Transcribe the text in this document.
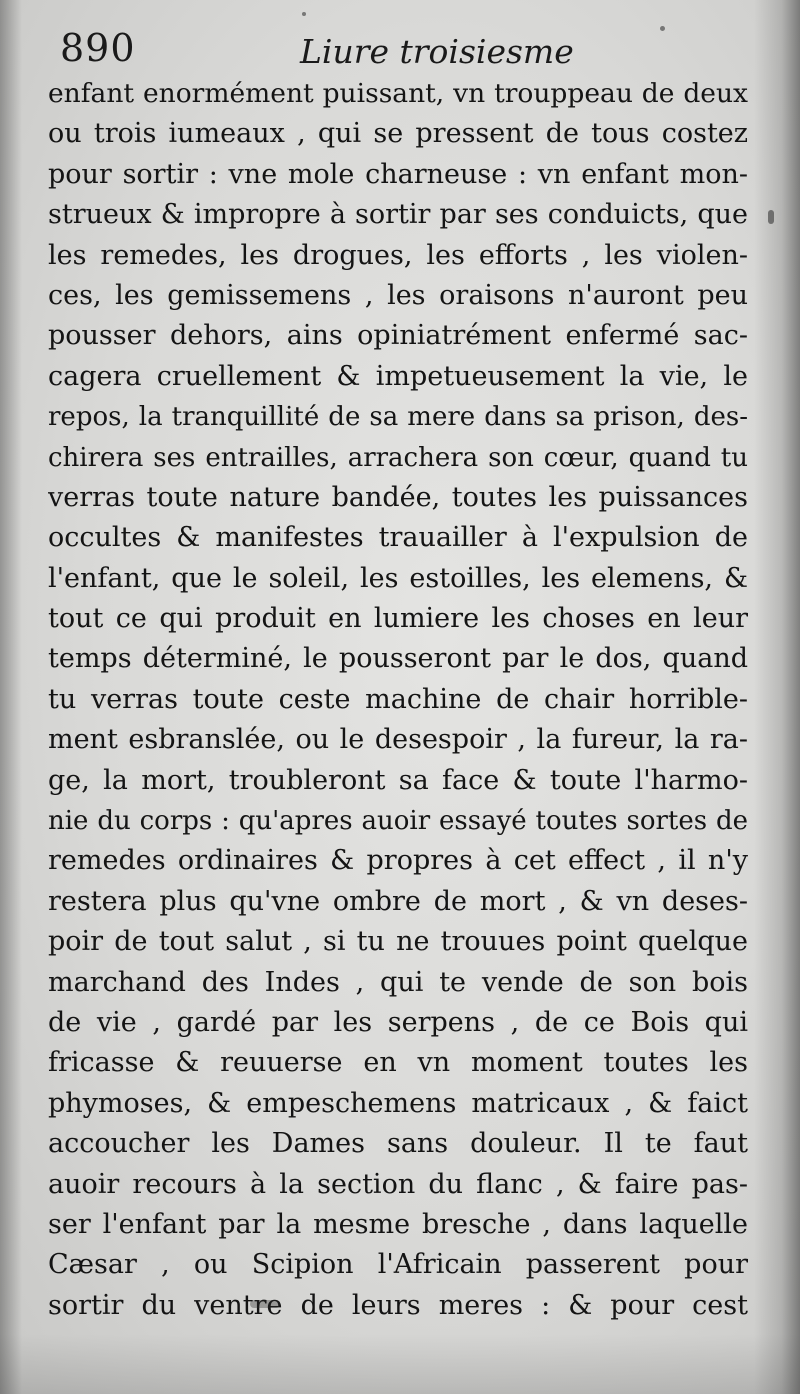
890	Liure troisiesme
enfant enormément puissant, vn trouppeau de deux
ou trois iumeaux , qui se pressent de tous costez
pour sortir : vne mole charneuse : vn enfant mon-
strueux & impropre à sortir par ses conduicts, que
les remedes, les drogues, les efforts , les violen-
ces, les gemissemens , les oraisons n'auront peu
pousser dehors, ains opiniatrément enfermé sac-
cagera cruellement & impetueusement la vie, le
repos, la tranquillité de sa mere dans sa prison, des-
chirera ses entrailles, arrachera son cœur, quand tu
verras toute nature bandée, toutes les puissances
occultes & manifestes trauailler à l'expulsion de
l'enfant, que le soleil, les estoilles, les elemens, &
tout ce qui produit en lumiere les choses en leur
temps déterminé, le pousseront par le dos, quand
tu verras toute ceste machine de chair horrible-
ment esbranslée, ou le desespoir , la fureur, la ra-
ge, la mort, troubleront sa face & toute l'harmo-
nie du corps : qu'apres auoir essayé toutes sortes de
remedes ordinaires & propres à cet effect , il n'y
restera plus qu'vne ombre de mort , & vn deses-
poir de tout salut , si tu ne trouues point quelque
marchand des Indes , qui te vende de son bois
de vie , gardé par les serpens , de ce Bois qui
fricasse & reuuerse en vn moment toutes les
phymoses, & empeschemens matricaux , & faict
accoucher les Dames sans douleur. Il te faut
auoir recours à la section du flanc , & faire pas-
ser l'enfant par la mesme bresche , dans laquelle
Cæsar , ou Scipion l'Africain passerent pour
sortir du ventre de leurs meres : & pour cest
